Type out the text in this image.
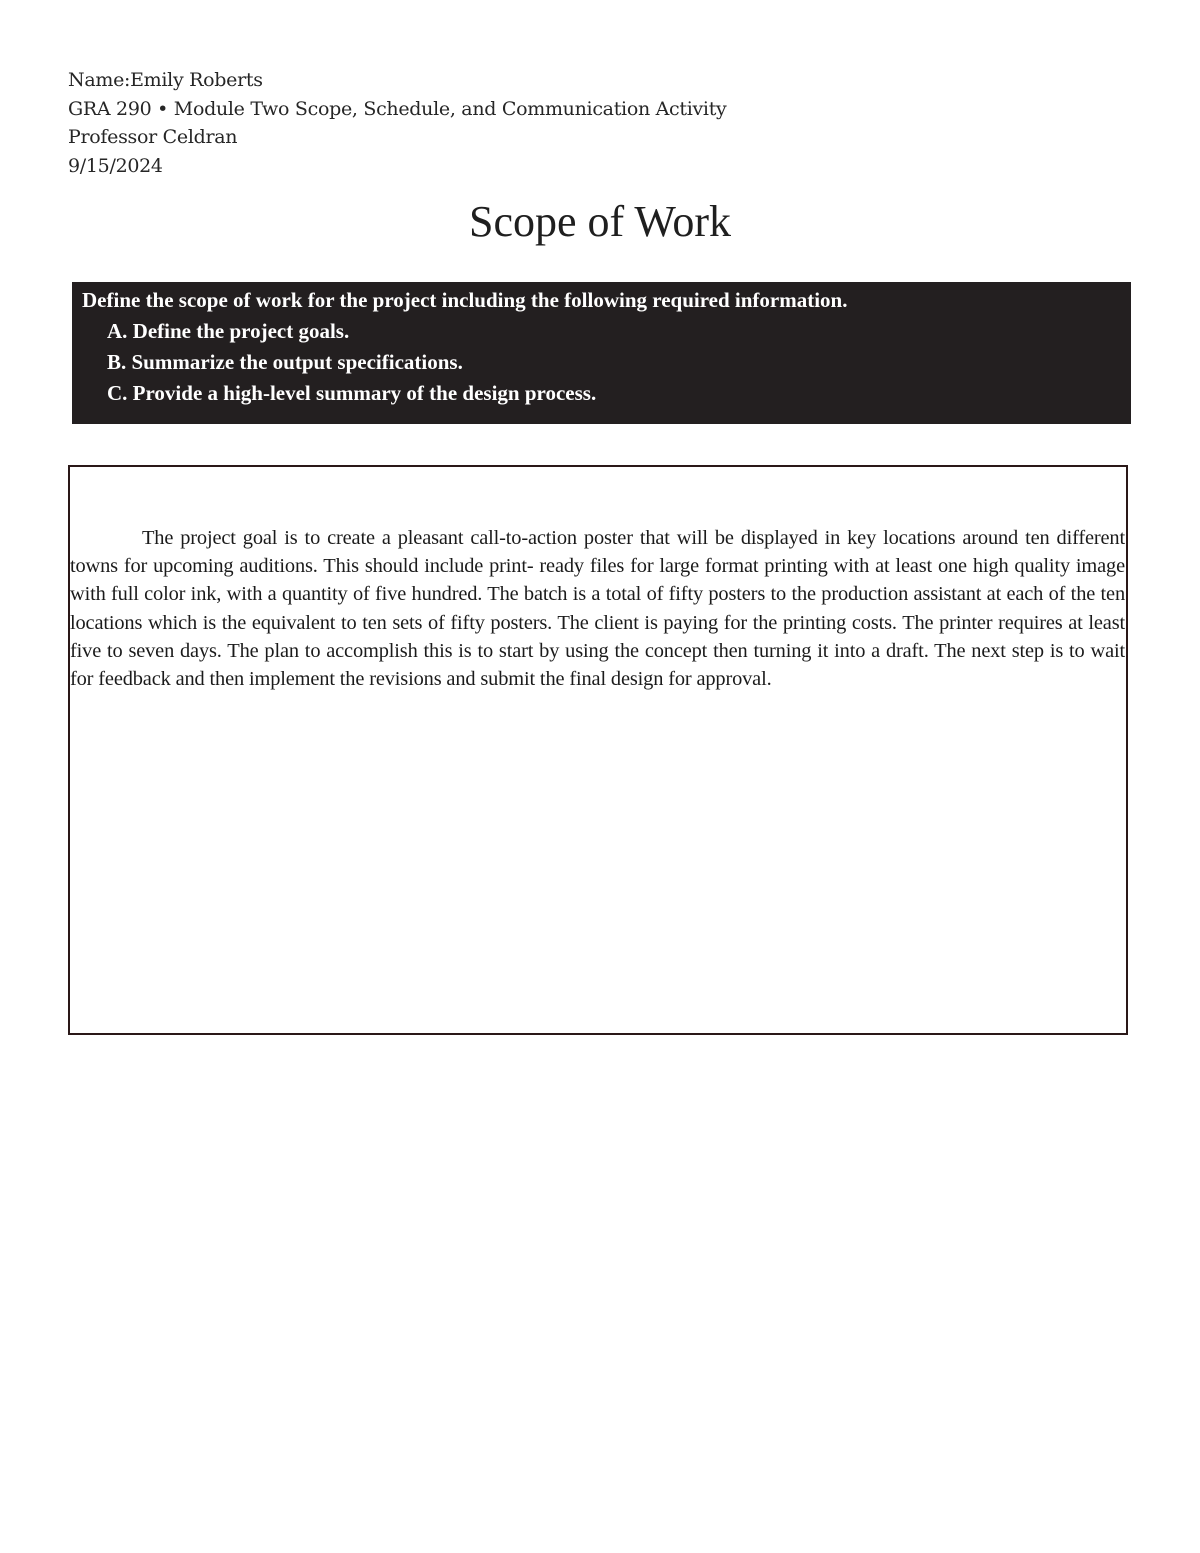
Name:Emily Roberts
GRA 290 • Module Two Scope, Schedule, and Communication Activity
Professor Celdran
9/15/2024
Scope of Work
Define the scope of work for the project including the following required information.
A. Define the project goals.
B. Summarize the output specifications.
C. Provide a high-level summary of the design process.

The project goal is to create a pleasant call-to-action poster that will be displayed in key locations around ten different towns for upcoming auditions. This should include print- ready files for large format printing with at least one high quality image with full color ink, with a quantity of five hundred. The batch is a total of fifty posters to the production assistant at each of the ten locations which is the equivalent to ten sets of fifty posters. The client is paying for the printing costs. The printer requires at least five to seven days. The plan to accomplish this is to start by using the concept then turning it into a draft. The next step is to wait for feedback and then implement the revisions and submit the final design for approval.
